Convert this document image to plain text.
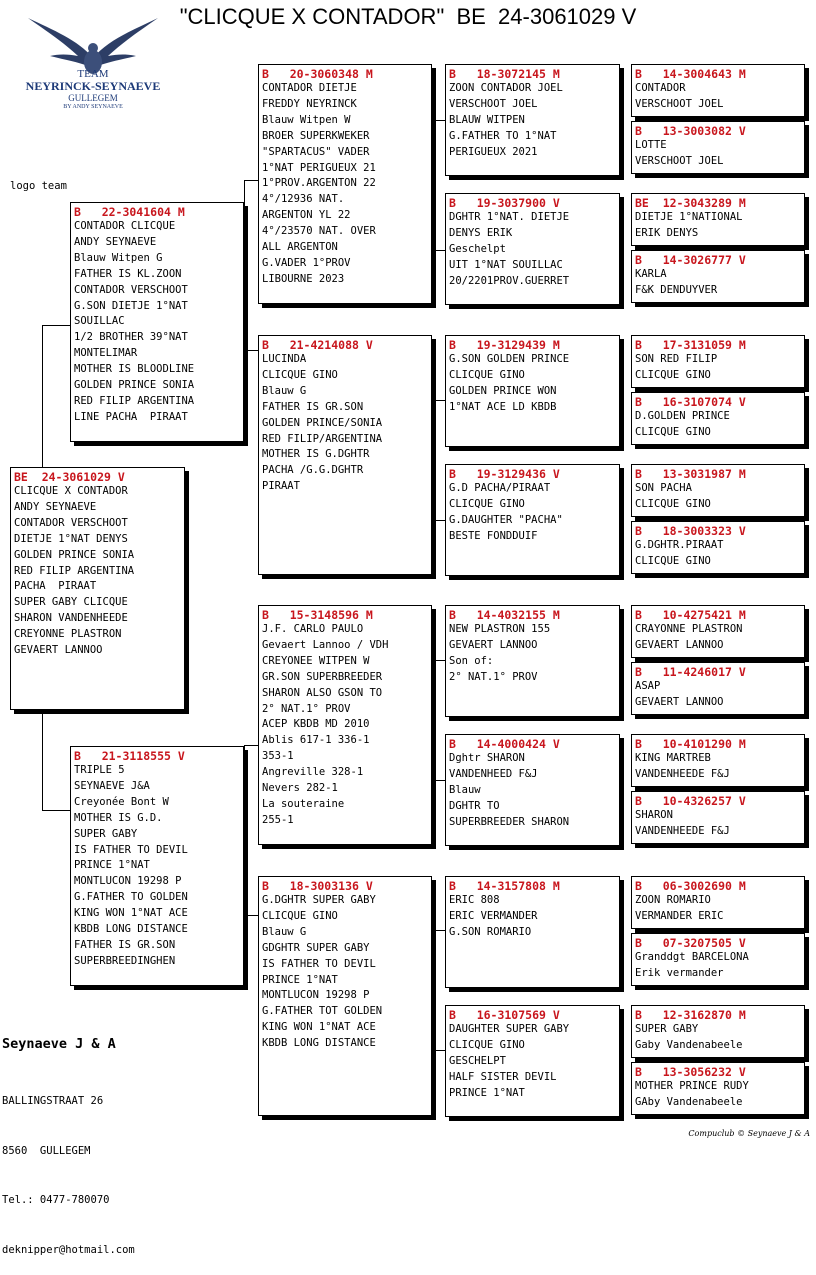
"CLICQUE X CONTADOR"  BE  24-3061029 V
TEAM
NEYRINCK-SEYNAEVE
GULLEGEM
BY ANDY SEYNAEVE
logo team
BE  24-3061029 V
CLICQUE X CONTADOR
ANDY SEYNAEVE
CONTADOR VERSCHOOT
DIETJE 1°NAT DENYS
GOLDEN PRINCE SONIA
RED FILIP ARGENTINA
PACHA  PIRAAT
SUPER GABY CLICQUE
SHARON VANDENHEEDE
CREYONNE PLASTRON
GEVAERT LANNOO
B   22-3041604 M
CONTADOR CLICQUE
ANDY SEYNAEVE
Blauw Witpen G
FATHER IS KL.ZOON
CONTADOR VERSCHOOT
G.SON DIETJE 1°NAT
SOUILLAC
1/2 BROTHER 39°NAT
MONTELIMAR
MOTHER IS BLOODLINE
GOLDEN PRINCE SONIA
RED FILIP ARGENTINA
LINE PACHA  PIRAAT
B   21-3118555 V
TRIPLE 5
SEYNAEVE J&A
Creyonée Bont W
MOTHER IS G.D.
SUPER GABY
IS FATHER TO DEVIL
PRINCE 1°NAT
MONTLUCON 19298 P
G.FATHER TO GOLDEN
KING WON 1°NAT ACE
KBDB LONG DISTANCE
FATHER IS GR.SON
SUPERBREEDINGHEN
B   20-3060348 M
CONTADOR DIETJE
FREDDY NEYRINCK
Blauw Witpen W
BROER SUPERKWEKER
"SPARTACUS" VADER
1°NAT PERIGUEUX 21
1°PROV.ARGENTON 22
4°/12936 NAT.
ARGENTON YL 22
4°/23570 NAT. OVER
ALL ARGENTON
G.VADER 1°PROV
LIBOURNE 2023
B   21-4214088 V
LUCINDA
CLICQUE GINO
Blauw G
FATHER IS GR.SON
GOLDEN PRINCE/SONIA
RED FILIP/ARGENTINA
MOTHER IS G.DGHTR
PACHA /G.G.DGHTR
PIRAAT
B   15-3148596 M
J.F. CARLO PAULO
Gevaert Lannoo / VDH
CREYONEE WITPEN W
GR.SON SUPERBREEDER
SHARON ALSO GSON TO
2° NAT.1° PROV
ACEP KBDB MD 2010
Ablis 617-1 336-1
353-1
Angreville 328-1
Nevers 282-1
La souteraine
255-1
B   18-3003136 V
G.DGHTR SUPER GABY
CLICQUE GINO
Blauw G
GDGHTR SUPER GABY
IS FATHER TO DEVIL
PRINCE 1°NAT
MONTLUCON 19298 P
G.FATHER TOT GOLDEN
KING WON 1°NAT ACE
KBDB LONG DISTANCE
B   18-3072145 M
ZOON CONTADOR JOEL
VERSCHOOT JOEL
BLAUW WITPEN
G.FATHER TO 1°NAT
PERIGUEUX 2021
B   19-3037900 V
DGHTR 1°NAT. DIETJE
DENYS ERIK
Geschelpt
UIT 1°NAT SOUILLAC
20/2201PROV.GUERRET
B   19-3129439 M
G.SON GOLDEN PRINCE
CLICQUE GINO
GOLDEN PRINCE WON
1°NAT ACE LD KBDB
B   19-3129436 V
G.D PACHA/PIRAAT
CLICQUE GINO
G.DAUGHTER "PACHA"
BESTE FONDDUIF
B   14-4032155 M
NEW PLASTRON 155
GEVAERT LANNOO
Son of:
2° NAT.1° PROV
B   14-4000424 V
Dghtr SHARON
VANDENHEED F&J
Blauw
DGHTR TO
SUPERBREEDER SHARON
B   14-3157808 M
ERIC 808
ERIC VERMANDER
G.SON ROMARIO
B   16-3107569 V
DAUGHTER SUPER GABY
CLICQUE GINO
GESCHELPT
HALF SISTER DEVIL
PRINCE 1°NAT
B   14-3004643 M
CONTADOR
VERSCHOOT JOEL
B   13-3003082 V
LOTTE
VERSCHOOT JOEL
BE  12-3043289 M
DIETJE 1°NATIONAL
ERIK DENYS
B   14-3026777 V
KARLA
F&K DENDUYVER
B   17-3131059 M
SON RED FILIP
CLICQUE GINO
B   16-3107074 V
D.GOLDEN PRINCE
CLICQUE GINO
B   13-3031987 M
SON PACHA
CLICQUE GINO
B   18-3003323 V
G.DGHTR.PIRAAT
CLICQUE GINO
B   10-4275421 M
CRAYONNE PLASTRON
GEVAERT LANNOO
B   11-4246017 V
ASAP
GEVAERT LANNOO
B   10-4101290 M
KING MARTREB
VANDENHEEDE F&J
B   10-4326257 V
SHARON
VANDENHEEDE F&J
B   06-3002690 M
ZOON ROMARIO
VERMANDER ERIC
B   07-3207505 V
Granddgt BARCELONA
Erik vermander
B   12-3162870 M
SUPER GABY
Gaby Vandenabeele
B   13-3056232 V
MOTHER PRINCE RUDY
GAby Vandenabeele
Seynaeve J & A

BALLINGSTRAAT 26

8560  GULLEGEM

Tel.: 0477-780070

deknipper@hotmail.com

Compuclub © Seynaeve J & A
